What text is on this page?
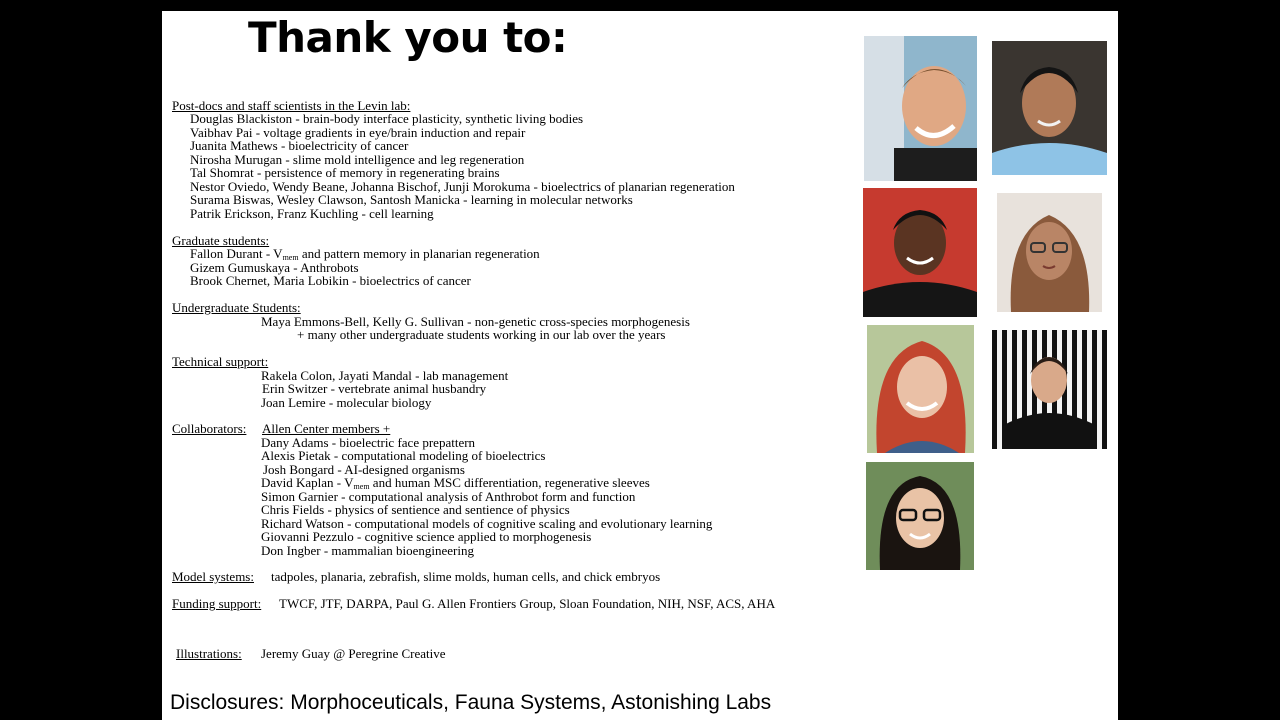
Thank you to:
Post-docs and staff scientists in the Levin lab:
Douglas Blackiston - brain-body interface plasticity, synthetic living bodies
Vaibhav Pai - voltage gradients in eye/brain induction and repair
Juanita Mathews - bioelectricity of cancer
Nirosha Murugan - slime mold intelligence and leg regeneration
Tal Shomrat - persistence of memory in regenerating brains
Nestor Oviedo, Wendy Beane, Johanna Bischof, Junji Morokuma - bioelectrics of planarian regeneration
Surama Biswas, Wesley Clawson, Santosh Manicka - learning in molecular networks
Patrik Erickson, Franz Kuchling - cell learning
Graduate students:
Fallon Durant - $V_{mem}$ and pattern memory in planarian regeneration
Gizem Gumuskaya - Anthrobots
Brook Chernet, Maria Lobikin - bioelectrics of cancer
Undergraduate Students:
Maya Emmons-Bell, Kelly G. Sullivan - non-genetic cross-species morphogenesis
+ many other undergraduate students working in our lab over the years
Technical support:
Rakela Colon, Jayati Mandal - lab management
Erin Switzer - vertebrate animal husbandry
Joan Lemire - molecular biology
Collaborators: Allen Center members +
Dany Adams - bioelectric face prepattern
Alexis Pietak - computational modeling of bioelectrics
Josh Bongard - AI-designed organisms
David Kaplan - $V_{mem}$ and human MSC differentiation, regenerative sleeves
Simon Garnier - computational analysis of Anthrobot form and function
Chris Fields - physics of sentience and sentience of physics
Richard Watson - computational models of cognitive scaling and evolutionary learning
Giovanni Pezzulo - cognitive science applied to morphogenesis
Don Ingber - mammalian bioengineering
Model systems: tadpoles, planaria, zebrafish, slime molds, human cells, and chick embryos
Funding support: TWCF, JTF, DARPA, Paul G. Allen Frontiers Group, Sloan Foundation, NIH, NSF, ACS, AHA
Illustrations: Jeremy Guay @ Peregrine Creative
Disclosures: Morphoceuticals, Fauna Systems, Astonishing Labs
